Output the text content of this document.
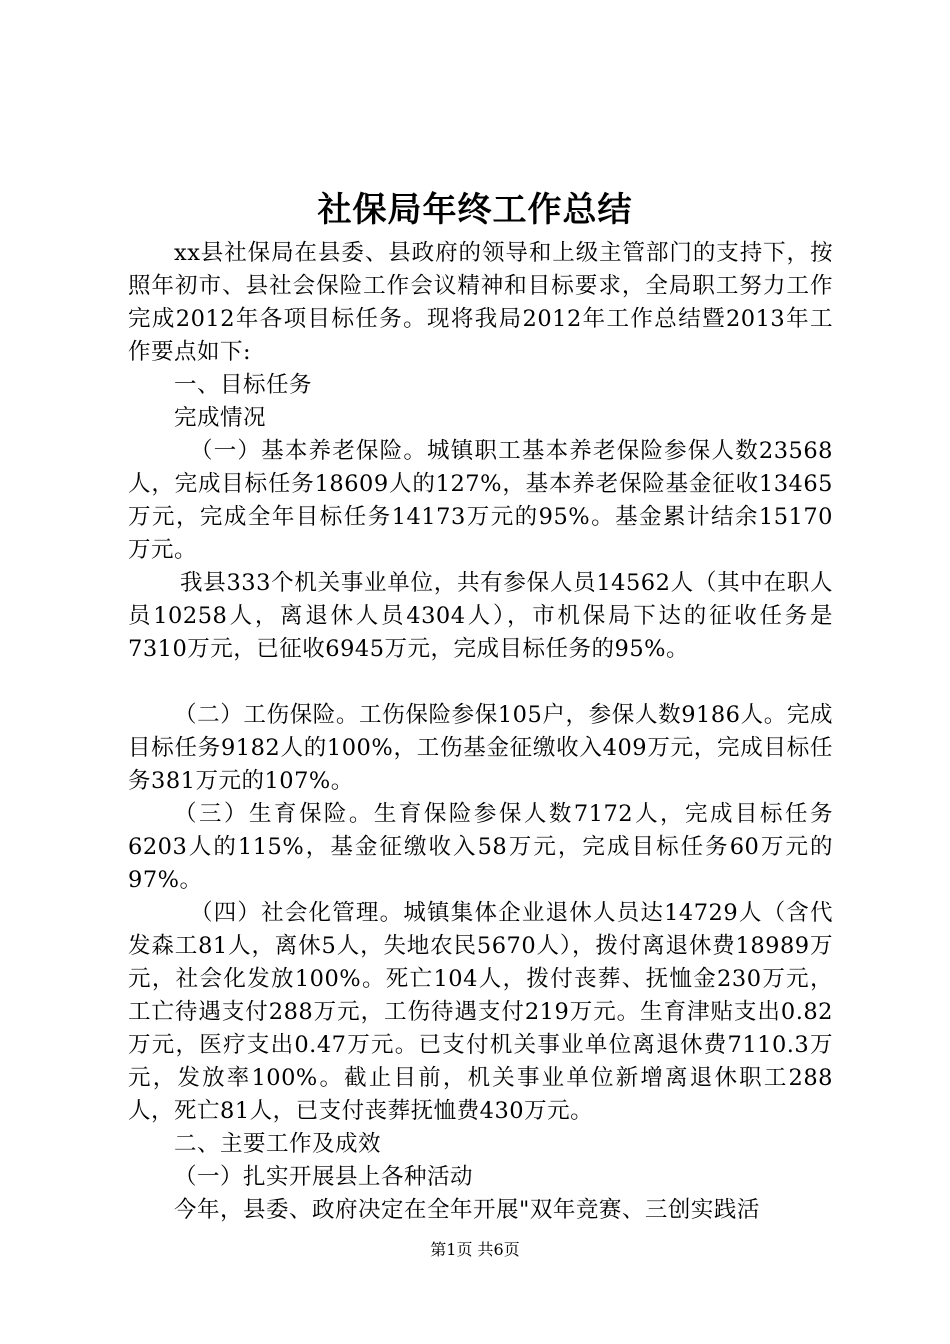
社保局年终工作总结

xx县社保局在县委、县政府的领导和上级主管部门的支持下，按照年初市、县社会保险工作会议精神和目标要求，全局职工努力工作完成2012年各项目标任务。现将我局2012年工作总结暨2013年工作要点如下:

一、目标任务

完成情况

（一）基本养老保险。城镇职工基本养老保险参保人数23568人，完成目标任务18609人的127%，基本养老保险基金征收13465万元，完成全年目标任务14173万元的95%。基金累计结余15170万元。

我县333个机关事业单位，共有参保人员14562人（其中在职人员10258人，离退休人员4304人），市机保局下达的征收任务是7310万元，已征收6945万元，完成目标任务的95%。

（二）工伤保险。工伤保险参保105户，参保人数9186人。完成目标任务9182人的100%，工伤基金征缴收入409万元，完成目标任务381万元的107%。

（三）生育保险。生育保险参保人数7172人，完成目标任务6203人的115%，基金征缴收入58万元，完成目标任务60万元的97%。

（四）社会化管理。城镇集体企业退休人员达14729人（含代发森工81人，离休5人，失地农民5670人），拨付离退休费18989万元，社会化发放100%。死亡104人，拨付丧葬、抚恤金230万元，工亡待遇支付288万元，工伤待遇支付219万元。生育津贴支出0.82万元，医疗支出0.47万元。已支付机关事业单位离退休费7110.3万元，发放率100%。截止目前，机关事业单位新增离退休职工288人，死亡81人，已支付丧葬抚恤费430万元。

二、主要工作及成效

（一）扎实开展县上各种活动

今年，县委、政府决定在全年开展"双年竞赛、三创实践活

第1页 共6页
